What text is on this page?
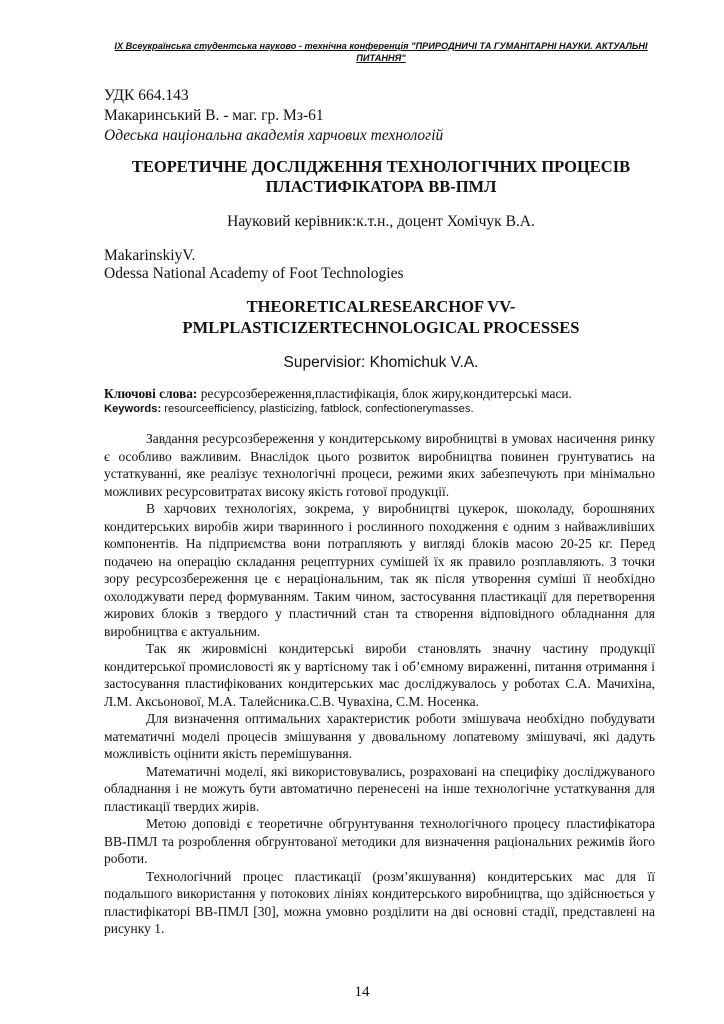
IX Всеукраїнська студентська науково - технічна конференція "ПРИРОДНИЧІ ТА ГУМАНІТАРНІ НАУКИ. АКТУАЛЬНІ ПИТАННЯ"
УДК 664.143
Макаринський В. - маг. гр. Мз-61
Одеська національна академія харчових технологій
ТЕОРЕТИЧНЕ ДОСЛІДЖЕННЯ ТЕХНОЛОГІЧНИХ ПРОЦЕСІВ ПЛАСТИФІКАТОРА ВВ-ПМЛ
Науковий керівник:к.т.н., доцент Хомічук В.А.
MakarinskiyV.
Odessa National Academy of Foot Technologies
THEORETICALRESEARCHOF VV-PMLPLASTICIZERTECHNOLOGICAL PROCESSES
Supervisior: Khomichuk V.A.
Ключові слова: ресурсозбереження,пластифікація, блок жиру,кондитерські маси.
Keywords: resourceefficiency, plasticizing, fatblock, confectionerymasses.

Завдання ресурсозбереження у кондитерському виробництві в умовах насичення ринку є особливо важливим. Внаслідок цього розвиток виробництва повинен грунтуватись на устаткуванні, яке реалізує технологічні процеси, режими яких забезпечують при мінімально можливих ресурсовитратах високу якість готової продукції.

В харчових технологіях, зокрема, у виробництві цукерок, шоколаду, борошняних кондитерських виробів жири тваринного і рослинного походження є одним з найважливіших компонентів. На підприємства вони потрапляють у вигляді блоків масою 20-25 кг. Перед подачею на операцію складання рецептурних сумішей їх як правило розплавляють. З точки зору ресурсозбереження це є нераціональним, так як після утворення суміші її необхідно охолоджувати перед формуванням. Таким чином, застосування пластикації для перетворення жирових блоків з твердого у пластичний стан та створення відповідного обладнання для виробництва є актуальним.

Так як жировмісні кондитерські вироби становлять значну частину продукції кондитерської промисловості як у вартісному так і об’ємному вираженні, питання отримання і застосування пластифікованих кондитерських мас досліджувалось у роботах С.А. Мачихіна, Л.М. Аксьонової, М.А. Талейсника.С.В. Чувахіна, С.М. Носенка.

Для визначення оптимальних характеристик роботи змішувача необхідно побудувати математичні моделі процесів змішування у двовальному лопатевому змішувачі, які дадуть можливість оцінити якість перемішування.

Математичні моделі, які використовувались, розраховані на специфіку досліджуваного обладнання і не можуть бути автоматично перенесені на інше технологічне устаткування для пластикації твердих жирів.

Метою доповіді є теоретичне обгрунтування технологічного процесу пластифікатора ВВ-ПМЛ та розроблення обгрунтованої методики для визначення раціональних режимів його роботи.

Технологічний процес пластикації (розм’якшування) кондитерських мас для її подальшого використання у потокових лініях кондитерського виробництва, що здійснюється у пластифікаторі ВВ-ПМЛ [30], можна умовно розділити на дві основні стадії, представлені на рисунку 1.

14
